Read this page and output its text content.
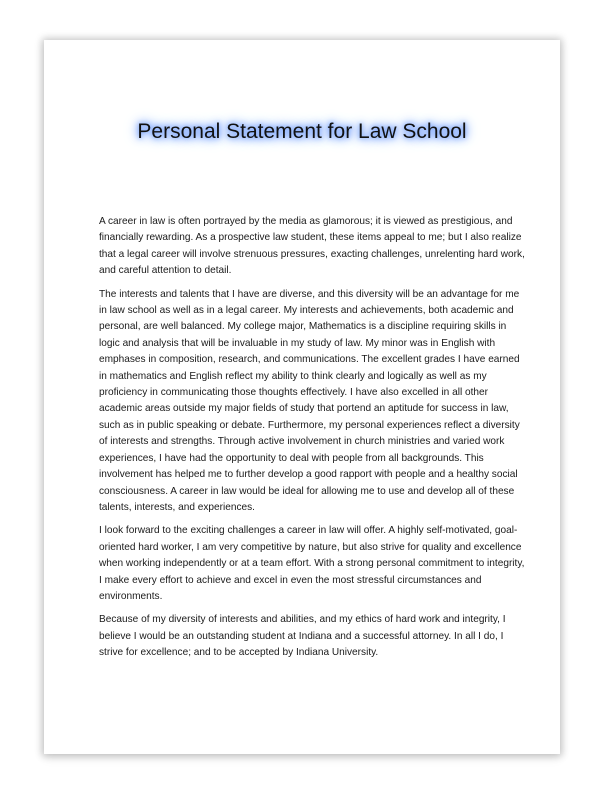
Personal Statement for Law School

A career in law is often portrayed by the media as glamorous; it is viewed as prestigious, and financially rewarding. As a prospective law student, these items appeal to me; but I also realize that a legal career will involve strenuous pressures, exacting challenges, unrelenting hard work, and careful attention to detail.

The interests and talents that I have are diverse, and this diversity will be an advantage for me in law school as well as in a legal career. My interests and achievements, both academic and personal, are well balanced. My college major, Mathematics is a discipline requiring skills in logic and analysis that will be invaluable in my study of law. My minor was in English with emphases in composition, research, and communications. The excellent grades I have earned in mathematics and English reflect my ability to think clearly and logically as well as my proficiency in communicating those thoughts effectively. I have also excelled in all other academic areas outside my major fields of study that portend an aptitude for success in law, such as in public speaking or debate. Furthermore, my personal experiences reflect a diversity of interests and strengths. Through active involvement in church ministries and varied work experiences, I have had the opportunity to deal with people from all backgrounds. This involvement has helped me to further develop a good rapport with people and a healthy social consciousness. A career in law would be ideal for allowing me to use and develop all of these talents, interests, and experiences.

I look forward to the exciting challenges a career in law will offer. A highly self-motivated, goal-oriented hard worker, I am very competitive by nature, but also strive for quality and excellence when working independently or at a team effort. With a strong personal commitment to integrity, I make every effort to achieve and excel in even the most stressful circumstances and environments.

Because of my diversity of interests and abilities, and my ethics of hard work and integrity, I believe I would be an outstanding student at Indiana and a successful attorney. In all I do, I strive for excellence; and to be accepted by Indiana University.
